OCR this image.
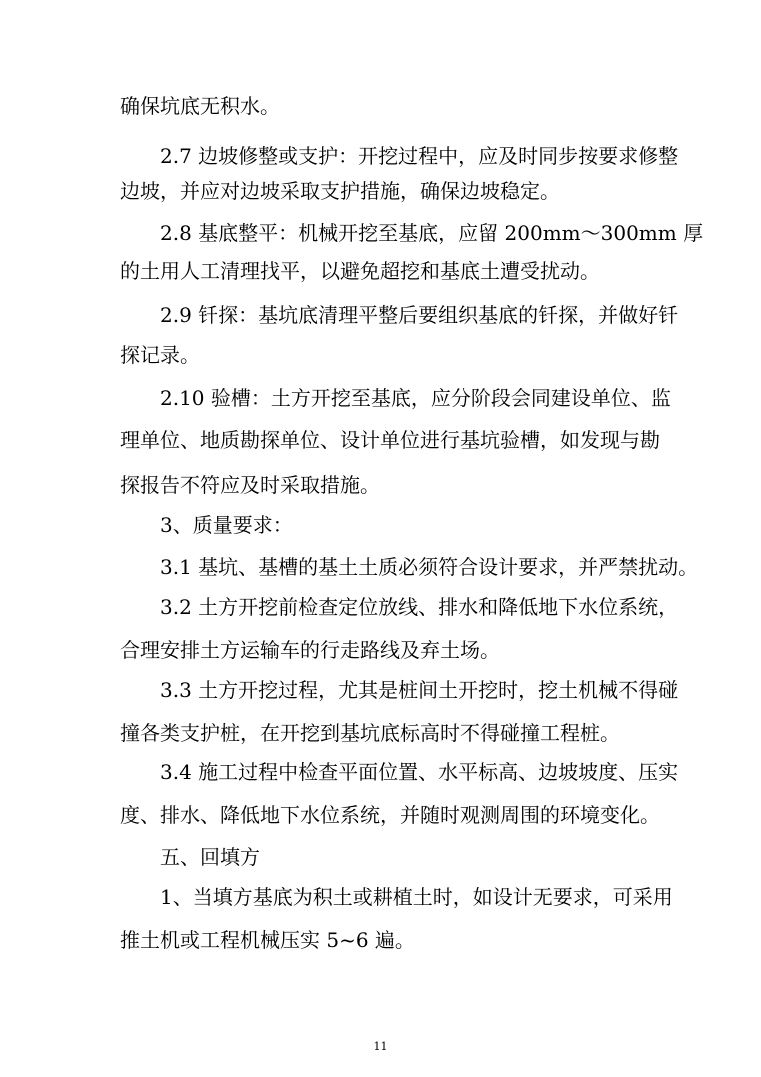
确保坑底无积水。
2.7 边坡修整或支护：开挖过程中，应及时同步按要求修整
边坡，并应对边坡采取支护措施，确保边坡稳定。
2.8 基底整平：机械开挖至基底，应留 200mm～300mm 厚
的土用人工清理找平，以避免超挖和基底土遭受扰动。
2.9 钎探：基坑底清理平整后要组织基底的钎探，并做好钎
探记录。
2.10 验槽：土方开挖至基底，应分阶段会同建设单位、监
理单位、地质勘探单位、设计单位进行基坑验槽，如发现与勘
探报告不符应及时采取措施。
3、质量要求：
3.1 基坑、基槽的基土土质必须符合设计要求，并严禁扰动。
3.2 土方开挖前检查定位放线、排水和降低地下水位系统，
合理安排土方运输车的行走路线及弃土场。
3.3 土方开挖过程，尤其是桩间土开挖时，挖土机械不得碰
撞各类支护桩，在开挖到基坑底标高时不得碰撞工程桩。
3.4 施工过程中检查平面位置、水平标高、边坡坡度、压实
度、排水、降低地下水位系统，并随时观测周围的环境变化。
五、回填方
1、当填方基底为积土或耕植土时，如设计无要求，可采用
推土机或工程机械压实 5~6 遍。
11
